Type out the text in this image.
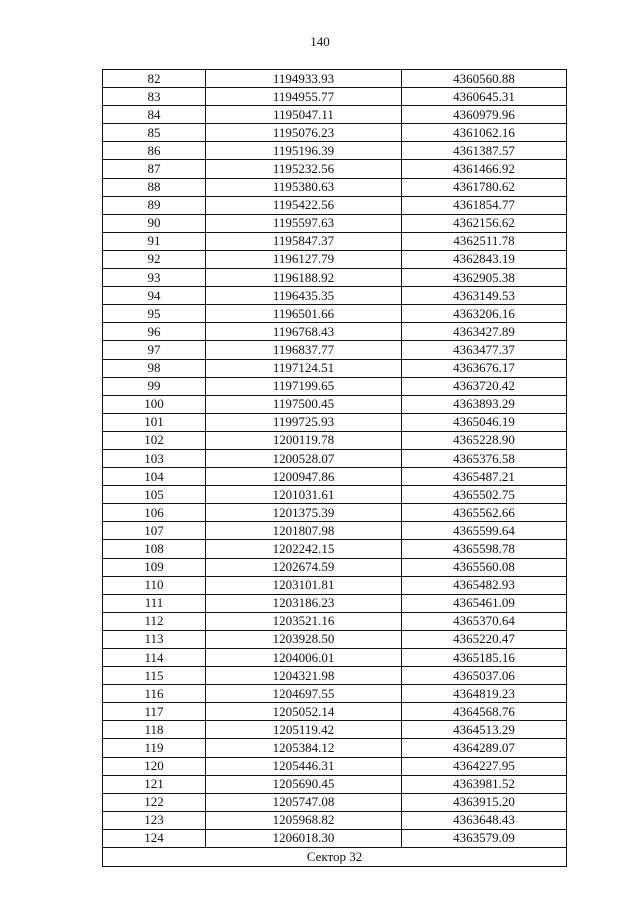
140
82	1194933.93	4360560.88
83	1194955.77	4360645.31
84	1195047.11	4360979.96
85	1195076.23	4361062.16
86	1195196.39	4361387.57
87	1195232.56	4361466.92
88	1195380.63	4361780.62
89	1195422.56	4361854.77
90	1195597.63	4362156.62
91	1195847.37	4362511.78
92	1196127.79	4362843.19
93	1196188.92	4362905.38
94	1196435.35	4363149.53
95	1196501.66	4363206.16
96	1196768.43	4363427.89
97	1196837.77	4363477.37
98	1197124.51	4363676.17
99	1197199.65	4363720.42
100	1197500.45	4363893.29
101	1199725.93	4365046.19
102	1200119.78	4365228.90
103	1200528.07	4365376.58
104	1200947.86	4365487.21
105	1201031.61	4365502.75
106	1201375.39	4365562.66
107	1201807.98	4365599.64
108	1202242.15	4365598.78
109	1202674.59	4365560.08
110	1203101.81	4365482.93
111	1203186.23	4365461.09
112	1203521.16	4365370.64
113	1203928.50	4365220.47
114	1204006.01	4365185.16
115	1204321.98	4365037.06
116	1204697.55	4364819.23
117	1205052.14	4364568.76
118	1205119.42	4364513.29
119	1205384.12	4364289.07
120	1205446.31	4364227.95
121	1205690.45	4363981.52
122	1205747.08	4363915.20
123	1205968.82	4363648.43
124	1206018.30	4363579.09
Сектор 32		
